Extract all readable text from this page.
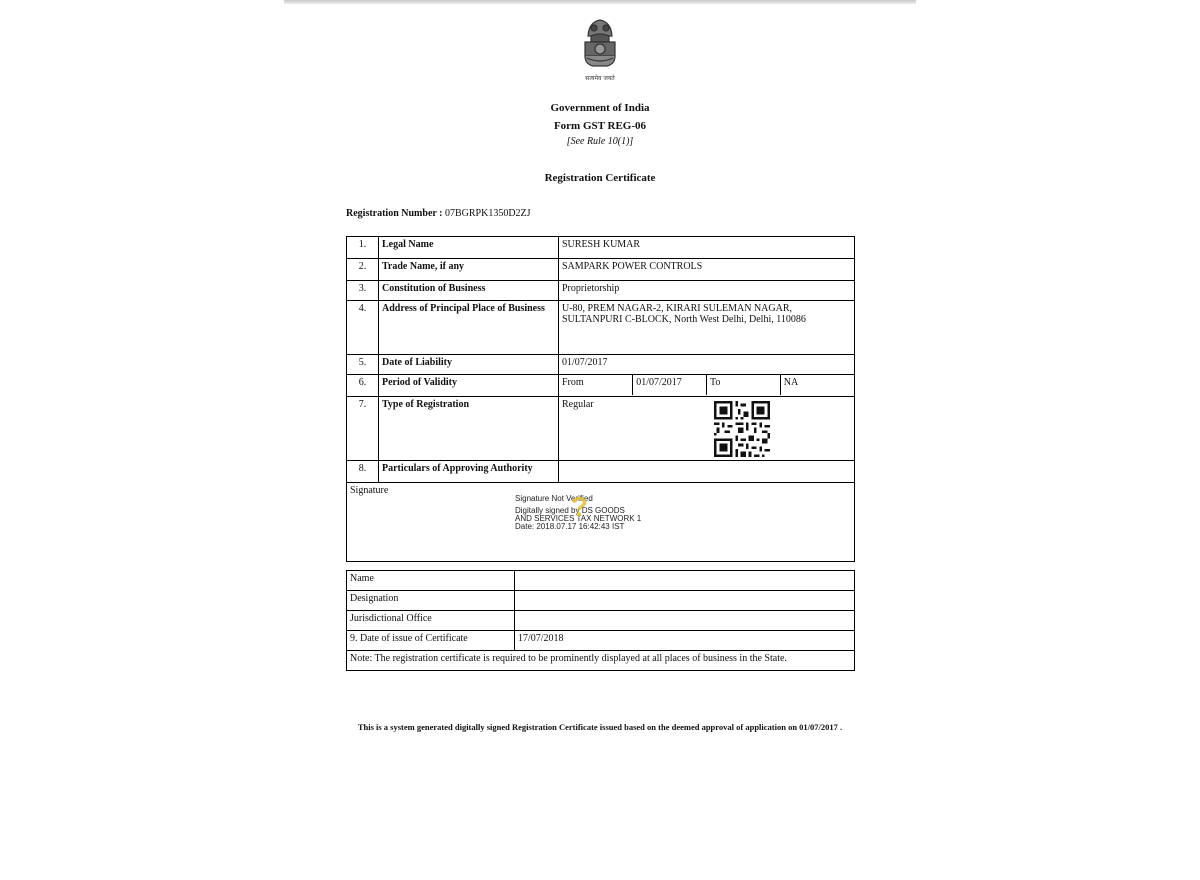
सत्यमेव जयते
Government of India
Form GST REG-06
[See Rule 10(1)]
Registration Certificate
Registration Number : 07BGRPK1350D2ZJ
1.	Legal Name	SURESH KUMAR
2.	Trade Name, if any	SAMPARK POWER CONTROLS
3.	Constitution of Business	Proprietorship
4.	Address of Principal Place of Business	U-80, PREM NAGAR-2, KIRARI SULEMAN NAGAR, SULTANPURI C-BLOCK, North West Delhi, Delhi, 110086
5.	Date of Liability	01/07/2017
6.	Period of Validity		From	01/07/2017	To	NA

7.	Type of Registration	Regular

8.	Particulars of Approving Authority	

Signature
Signature Not Verified
Digitally signed by DS GOODS
AND SERVICES TAX NETWORK 1
Date: 2018.07.17 16:42:43 IST
?
Name	
Designation	
Jurisdictional Office	
9. Date of issue of Certificate	17/07/2018
Note: The registration certificate is required to be prominently displayed at all places of business in the State.	
This is a system generated digitally signed Registration Certificate issued based on the deemed approval of application on 01/07/2017 .
